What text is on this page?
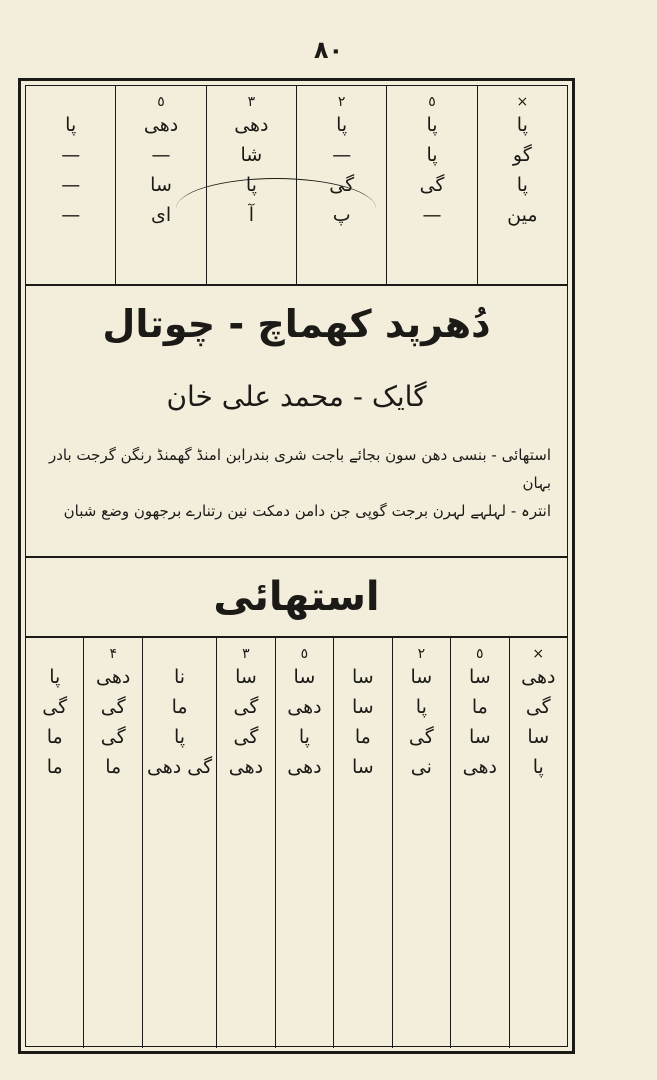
۸۰
×
پا
گو
پا
مین
٥
پا
پا
گی
—
۲
پا
—
گی
پ
۳
دھی
شا
پا
آ
٥
دھی
—
سا
ای
پا
—
—
—
دُھرپد کھماچ - چوتال
گایک - محمد علی خان
استھائی - بنسی دھن سون بجائے باجت شری بندرابن امنڈ گھمنڈ رنگن گرجت بادر بہان
انترہ - لہلہے لہرن برجت گوپی جن دامن دمکت نین رتنارے برجھون وضع شبان
استھائی
×
دھی
گی
سا
پا
٥
سا
ما
سا
دھی
۲
سا
پا
گی
نی
سا
سا
ما
سا
٥
سا
دھی
پا
دھی
۳
سا
گی
گی
دھی
نا
ما
پا
گی دھی
۴
دھی
گی
گی
ما
پا
گی
ما
ما
